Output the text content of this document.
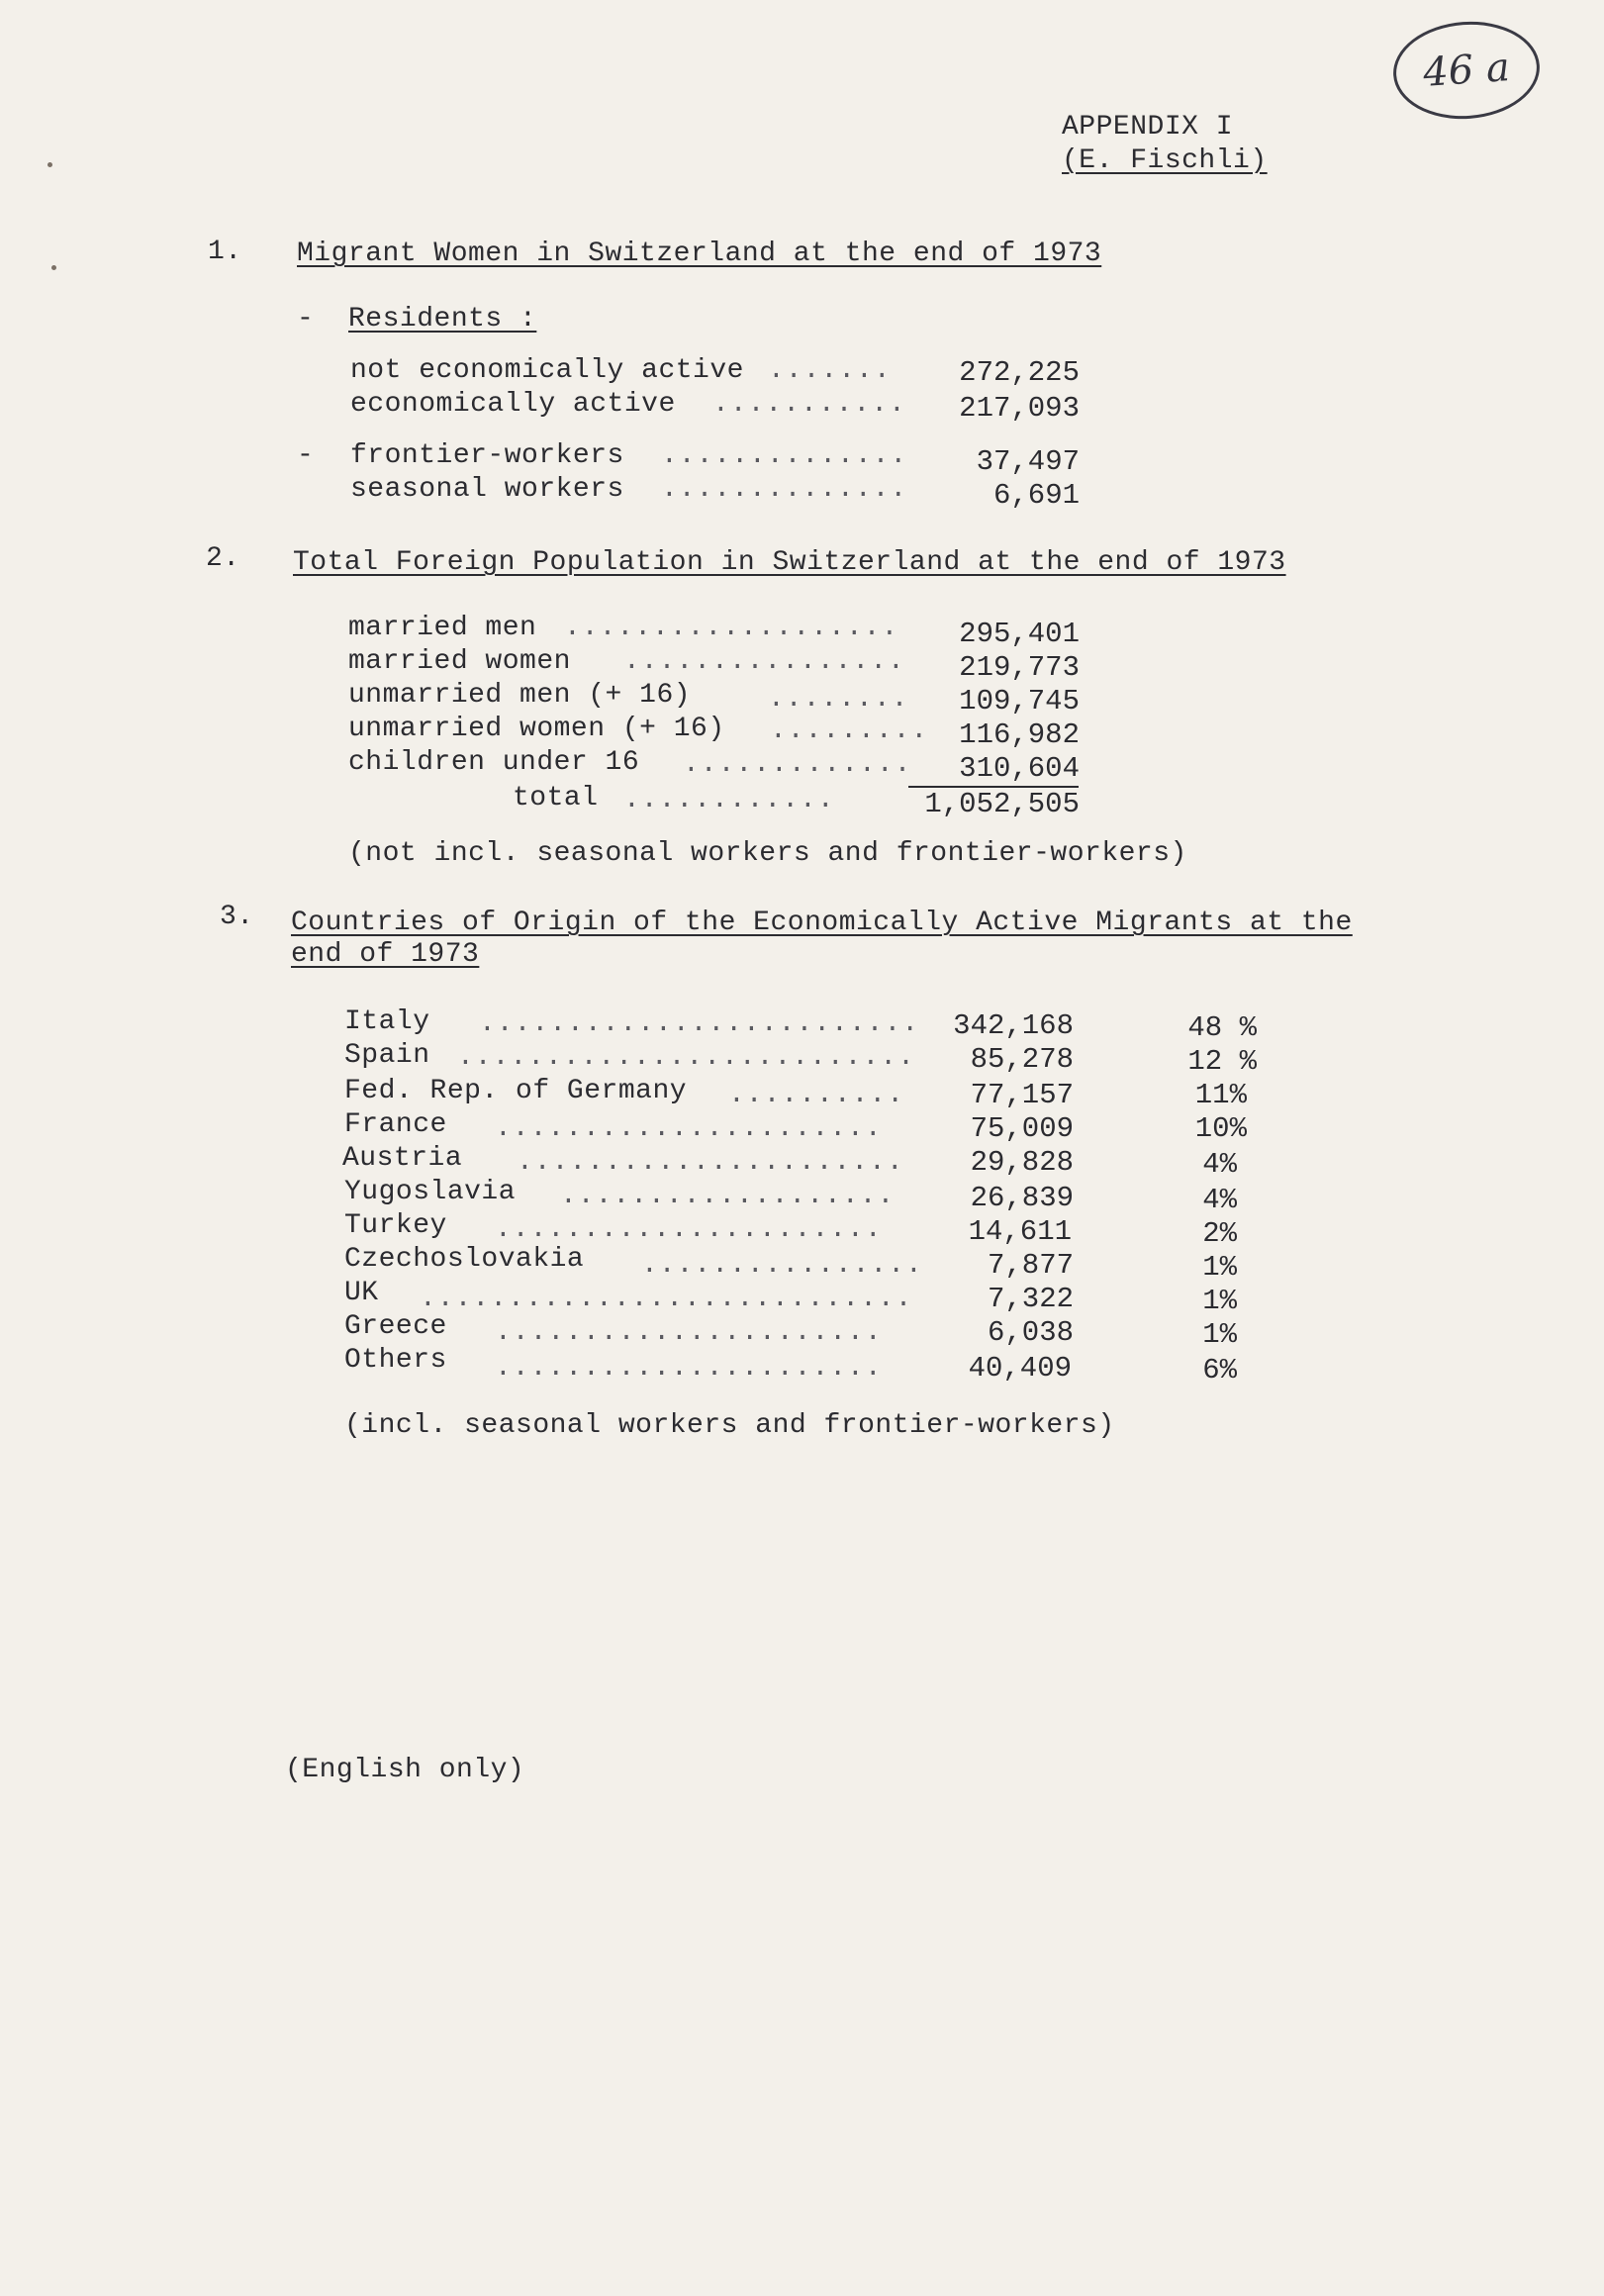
46 a
APPENDIX I
(E. Fischli)
1. Migrant Women in Switzerland at the end of 1973
- Residents :
not economically active ....... 272,225
economically active ........... 217,093
- frontier-workers .............. 37,497
seasonal workers ..............	6,691
2. Total Foreign Population in Switzerland at the end of 1973
married men ................... 295,401
married women ................ 219,773
unmarried men (+ 16)	........ 109,745
unmarried women (+ 16) ......... 116,982
children under 16 ............. 310,604
total ............	1,052,505
(not incl. seasonal workers and frontier-workers)
3. Countries of Origin of the Economically Active Migrants at the
end of 1973
Italy ......................... 342,168	48 %
Spain .......................... 85,278	12 %
Fed. Rep. of Germany .......... 77,157	11%
France ......................	75,009	10%
Austria ...................... 29,828	4%
Yugoslavia ...................	26,839	4%
Turkey ......................	14,611	2%
Czechoslovakia ................ 7,877	1%
UK ............................	7,322	1%
Greece ......................	6,038	1%
Others ......................	40,409	6%
(incl. seasonal workers and frontier-workers)
(English only)
